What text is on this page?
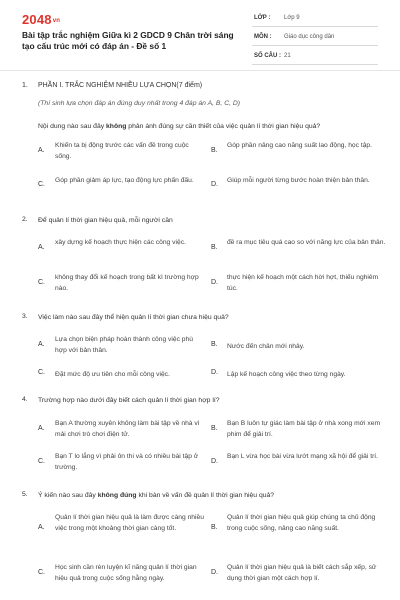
2048vn
Bài tập trắc nghiệm Giữa kì 2 GDCD 9 Chân trời sáng tạo cấu trúc mới có đáp án - Đề số 1
LỚP : Lớp 9
MÔN : Giáo dục công dân
SỐ CÂU : 21
1. PHẦN I. TRẮC NGHIỆM NHIỀU LỰA CHỌN(7 điểm)
(Thí sinh lựa chọn đáp án đúng duy nhất trong 4 đáp án A, B, C, D)
Nội dung nào sau đây không phản ánh đúng sự cần thiết của việc quản lí thời gian hiệu quả?
A.
Khiến ta bị động trước các vấn đề trong cuộc sống.
B.
Góp phần nâng cao năng suất lao động, học tập.
C.
Góp phần giảm áp lực, tạo động lực phấn đấu.
D.
Giúp mỗi người từng bước hoàn thiện bản thân.
2. Để quản lí thời gian hiệu quả, mỗi người cần
A.
xây dựng kế hoạch thực hiện các công việc.
B.
đề ra mục tiêu quá cao so với năng lực của bản thân.
C.
không thay đổi kế hoạch trong bất kì trường hợp nào.
D.
thực hiện kế hoạch một cách hời hợt, thiếu nghiêm túc.
3. Việc làm nào sau đây thể hiện quản lí thời gian chưa hiệu quả?
A.
Lựa chọn biện pháp hoàn thành công việc phù hợp với bản thân.
B. Nước đến chân mới nhảy.
C. Đặt mức độ ưu tiên cho mỗi công việc.	D. Lập kế hoạch công việc theo từng ngày.
4. Trường hợp nào dưới đây biết cách quản lí thời gian hợp lí?
A.
Bạn A thường xuyên không làm bài tập về nhà vì mải chơi trò chơi điện tử.
B.
Bạn B luôn tự giác làm bài tập ở nhà xong mới xem phim để giải trí.
C.
Bạn T lo lắng vì phải ôn thi và có nhiều bài tập ở trường.
D.
Bạn L vừa học bài vừa lướt mạng xã hội để giải trí.
5. Ý kiến nào sau đây không đúng khi bàn về vấn đề quản lí thời gian hiệu quả?
A.
Quản lí thời gian hiệu quả là làm được càng nhiều việc trong một khoảng thời gian càng tốt.	B.
Quản lí thời gian hiệu quả giúp chúng ta chủ động trong cuộc sống, nâng cao năng suất.
C.
Học sinh cần rèn luyện kĩ năng quản lí thời gian hiệu quả trong cuộc sống hằng ngày.
D.
Quản lí thời gian hiệu quả là biết cách sắp xếp, sử dụng thời gian một cách hợp lí.
